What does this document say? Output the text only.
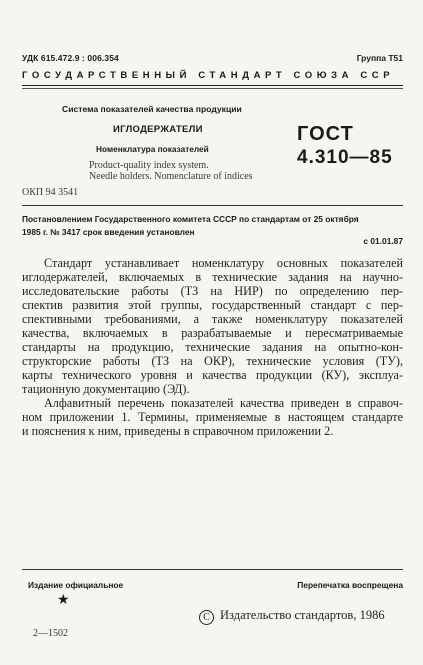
УДК 615.472.9 : 006.354	Группа Т51
ГОСУДАРСТВЕННЫЙ СТАНДАРТ СОЮЗА ССР
Система показателей качества продукции
ИГЛОДЕРЖАТЕЛИ
Номенклатура показателей
Product-quality index system.
Needle holders. Nomenclature of indices
ГОСТ
4.310—85
ОКП 94 3541
Постановлением Государственного комитета СССР по стандартам от 25 октября
1985 г. № 3417 срок введения установлен
с 01.01.87
Стандарт устанавливает номенклатуру основных показателей
иглодержателей, включаемых в технические задания на научно-
исследовательские работы (ТЗ на НИР) по определению пер-
спектив развития этой группы, государственный стандарт с пер-
спективными требованиями, а также номенклатуру показателей
качества, включаемых в разрабатываемые и пересматриваемые
стандарты на продукцию, технические задания на опытно-кон-
структорские работы (ТЗ на ОКР), технические условия (ТУ),
карты технического уровня и качества продукции (КУ), эксплуа-
тационную документацию (ЭД).
Алфавитный перечень показателей качества приведен в справоч-
ном приложении 1. Термины, применяемые в настоящем стандарте
и пояснения к ним, приведены в справочном приложении 2.
Издание официальное	Перепечатка воспрещена
★
С Издательство стандартов, 1986
2—1502
